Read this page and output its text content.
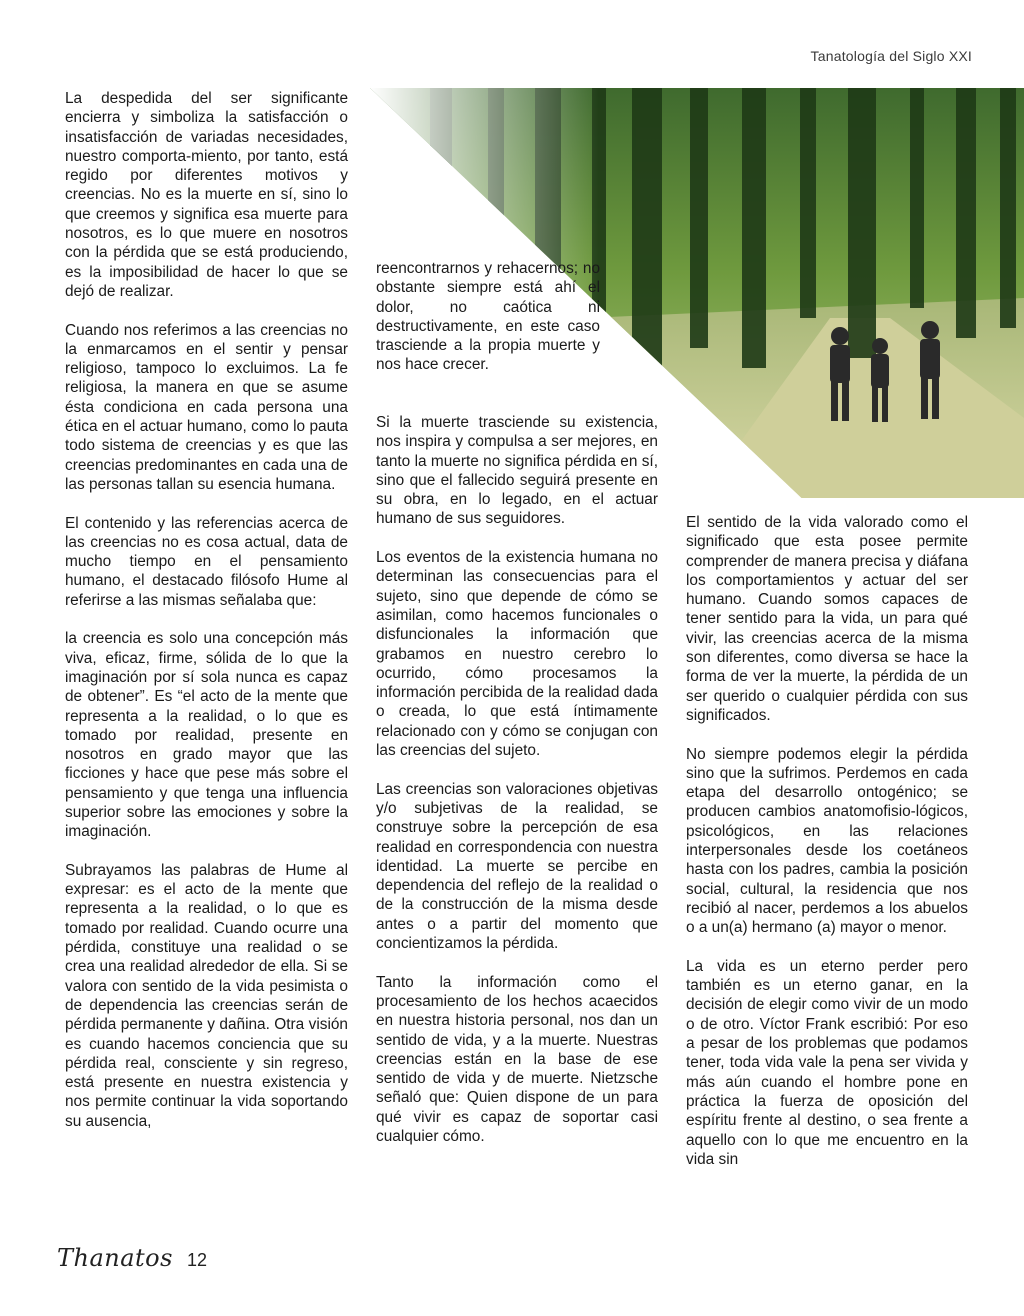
Tanatología del Siglo XXI

La despedida del ser significante encierra y simboliza la satisfacción o insatisfacción de variadas necesidades, nuestro comporta-miento, por tanto, está regido por diferentes motivos y creencias. No es la muerte en sí, sino lo que creemos y significa esa muerte para nosotros, es lo que muere en nosotros con la pérdida que se está produciendo, es la imposibilidad de hacer lo que se dejó de realizar.

Cuando nos referimos a las creencias no la enmarcamos en el sentir y pensar religioso, tampoco lo excluimos. La fe religiosa, la manera en que se asume ésta condiciona en cada persona una ética en el actuar humano, como lo pauta todo sistema de creencias y es que las creencias predominantes en cada una de las personas tallan su esencia humana.

El contenido y las referencias acerca de las creencias no es cosa actual, data de mucho tiempo en el pensamiento humano, el destacado filósofo Hume al referirse a las mismas señalaba que:

la creencia es solo una concepción más viva, eficaz, firme, sólida de lo que la imaginación por sí sola nunca es capaz de obtener”. Es “el acto de la mente que representa a la realidad, o lo que es tomado por realidad, presente en nosotros en grado mayor que las ficciones y hace que pese más sobre el pensamiento y que tenga una influencia superior sobre las emociones y sobre la imaginación.

Subrayamos las palabras de Hume al expresar: es el acto de la mente que representa a la realidad, o lo que es tomado por realidad. Cuando ocurre una pérdida, constituye una realidad o se crea una realidad alrededor de ella. Si se valora con sentido de la vida pesimista o de dependencia las creencias serán de pérdida permanente y dañina. Otra visión es cuando hacemos conciencia que su pérdida real, consciente y sin regreso, está presente en nuestra existencia y nos permite continuar la vida soportando su ausencia,

reencontrarnos y rehacernos; no obstante siempre está ahí el dolor, no caótica ni destructivamente, en este caso trasciende a la propia muerte y nos hace crecer.

Si la muerte trasciende su existencia, nos inspira y compulsa a ser mejores, en tanto la muerte no significa pérdida en sí, sino que el fallecido seguirá presente en su obra, en lo legado, en el actuar humano de sus seguidores.

Los eventos de la existencia humana no determinan las consecuencias para el sujeto, sino que depende de cómo se asimilan, como hacemos funcionales o disfuncionales la información que grabamos en nuestro cerebro lo ocurrido, cómo procesamos la información percibida de la realidad dada o creada, lo que está íntimamente relacionado con y cómo se conjugan con las creencias del sujeto.

Las creencias son valoraciones objetivas y/o subjetivas de la realidad, se construye sobre la percepción de esa realidad en correspondencia con nuestra identidad. La muerte se percibe en dependencia del reflejo de la realidad o de la construcción de la misma desde antes o a partir del momento que concientizamos la pérdida.

Tanto la información como el procesamiento de los hechos acaecidos en nuestra historia personal, nos dan un sentido de vida, y a la muerte. Nuestras creencias están en la base de ese sentido de vida y de muerte. Nietzsche señaló que: Quien dispone de un para qué vivir es capaz de soportar casi cualquier cómo.

El sentido de la vida valorado como el significado que esta posee permite comprender de manera precisa y diáfana los comportamientos y actuar del ser humano. Cuando somos capaces de tener sentido para la vida, un para qué vivir, las creencias acerca de la misma son diferentes, como diversa se hace la forma de ver la muerte, la pérdida de un ser querido o cualquier pérdida con sus significados.

No siempre podemos elegir la pérdida sino que la sufrimos. Perdemos en cada etapa del desarrollo ontogénico; se producen cambios anatomofisio-lógicos, psicológicos, en las relaciones interpersonales desde los coetáneos hasta con los padres, cambia la posición social, cultural, la residencia que nos recibió al nacer, perdemos a los abuelos o a un(a) hermano (a) mayor o menor.

La vida es un eterno perder pero también es un eterno ganar, en la decisión de elegir como vivir de un modo o de otro. Víctor Frank escribió: Por eso a pesar de los problemas que podamos tener, toda vida vale la pena ser vivida y más aún cuando el hombre pone en práctica la fuerza de oposición del espíritu frente al destino, o sea frente a aquello con lo que me encuentro en la vida sin

Thanatos 12
